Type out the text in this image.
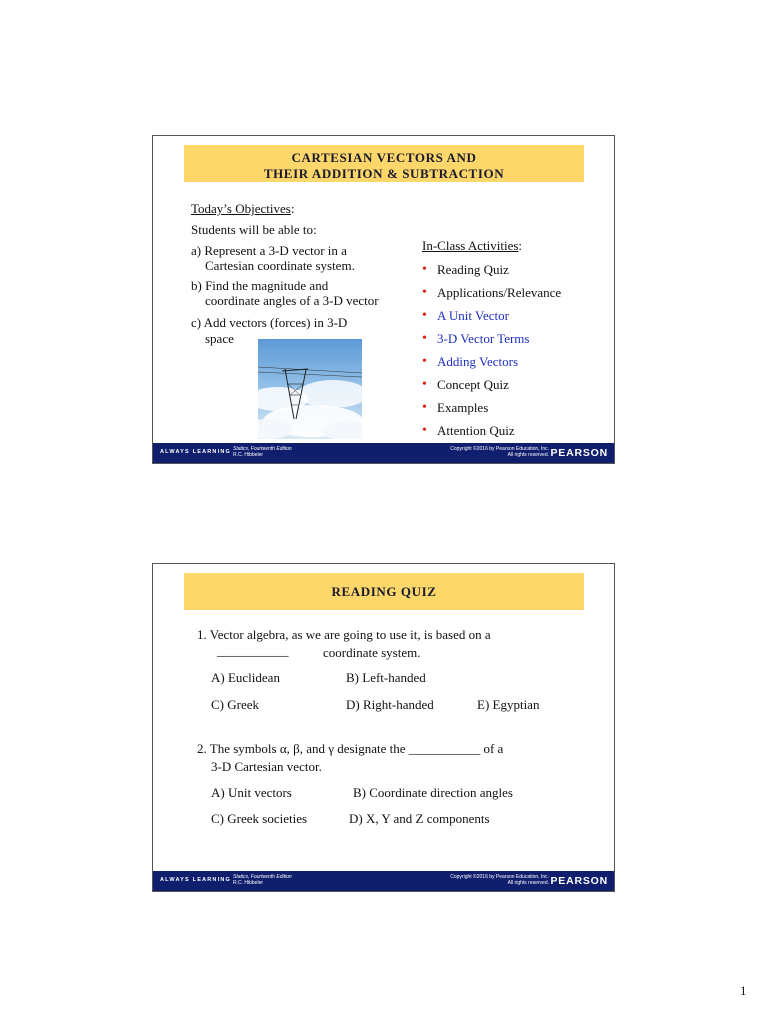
CARTESIAN VECTORS AND
THEIR ADDITION & SUBTRACTION
Today’s Objectives:
Students will be able to:
a) Represent a 3-D vector in a
Cartesian coordinate system.
b) Find the magnitude and
coordinate angles of a 3-D vector
c) Add vectors (forces) in 3-D
space
In-Class Activities:
• Reading Quiz
• Applications/Relevance
• A Unit Vector
• 3-D Vector Terms
• Adding Vectors
• Concept Quiz
• Examples
• Attention Quiz
ALWAYS LEARNING Statics, Fourteenth Edition
R.C. Hibbeler
Copyright ©2016 by Pearson Education, Inc.
All rights reserved. PEARSON
READING QUIZ
1. Vector algebra, as we are going to use it, is based on a
___________	coordinate system.
A) Euclidean	B) Left-handed
C) Greek	D) Right-handed	E) Egyptian
2. The symbols α, β, and γ designate the ___________ of a
3-D Cartesian vector.
A) Unit vectors	B) Coordinate direction angles
C) Greek societies	D) X, Y and Z components
ALWAYS LEARNING Statics, Fourteenth Edition
R.C. Hibbeler
Copyright ©2016 by Pearson Education, Inc.
All rights reserved. PEARSON
1
